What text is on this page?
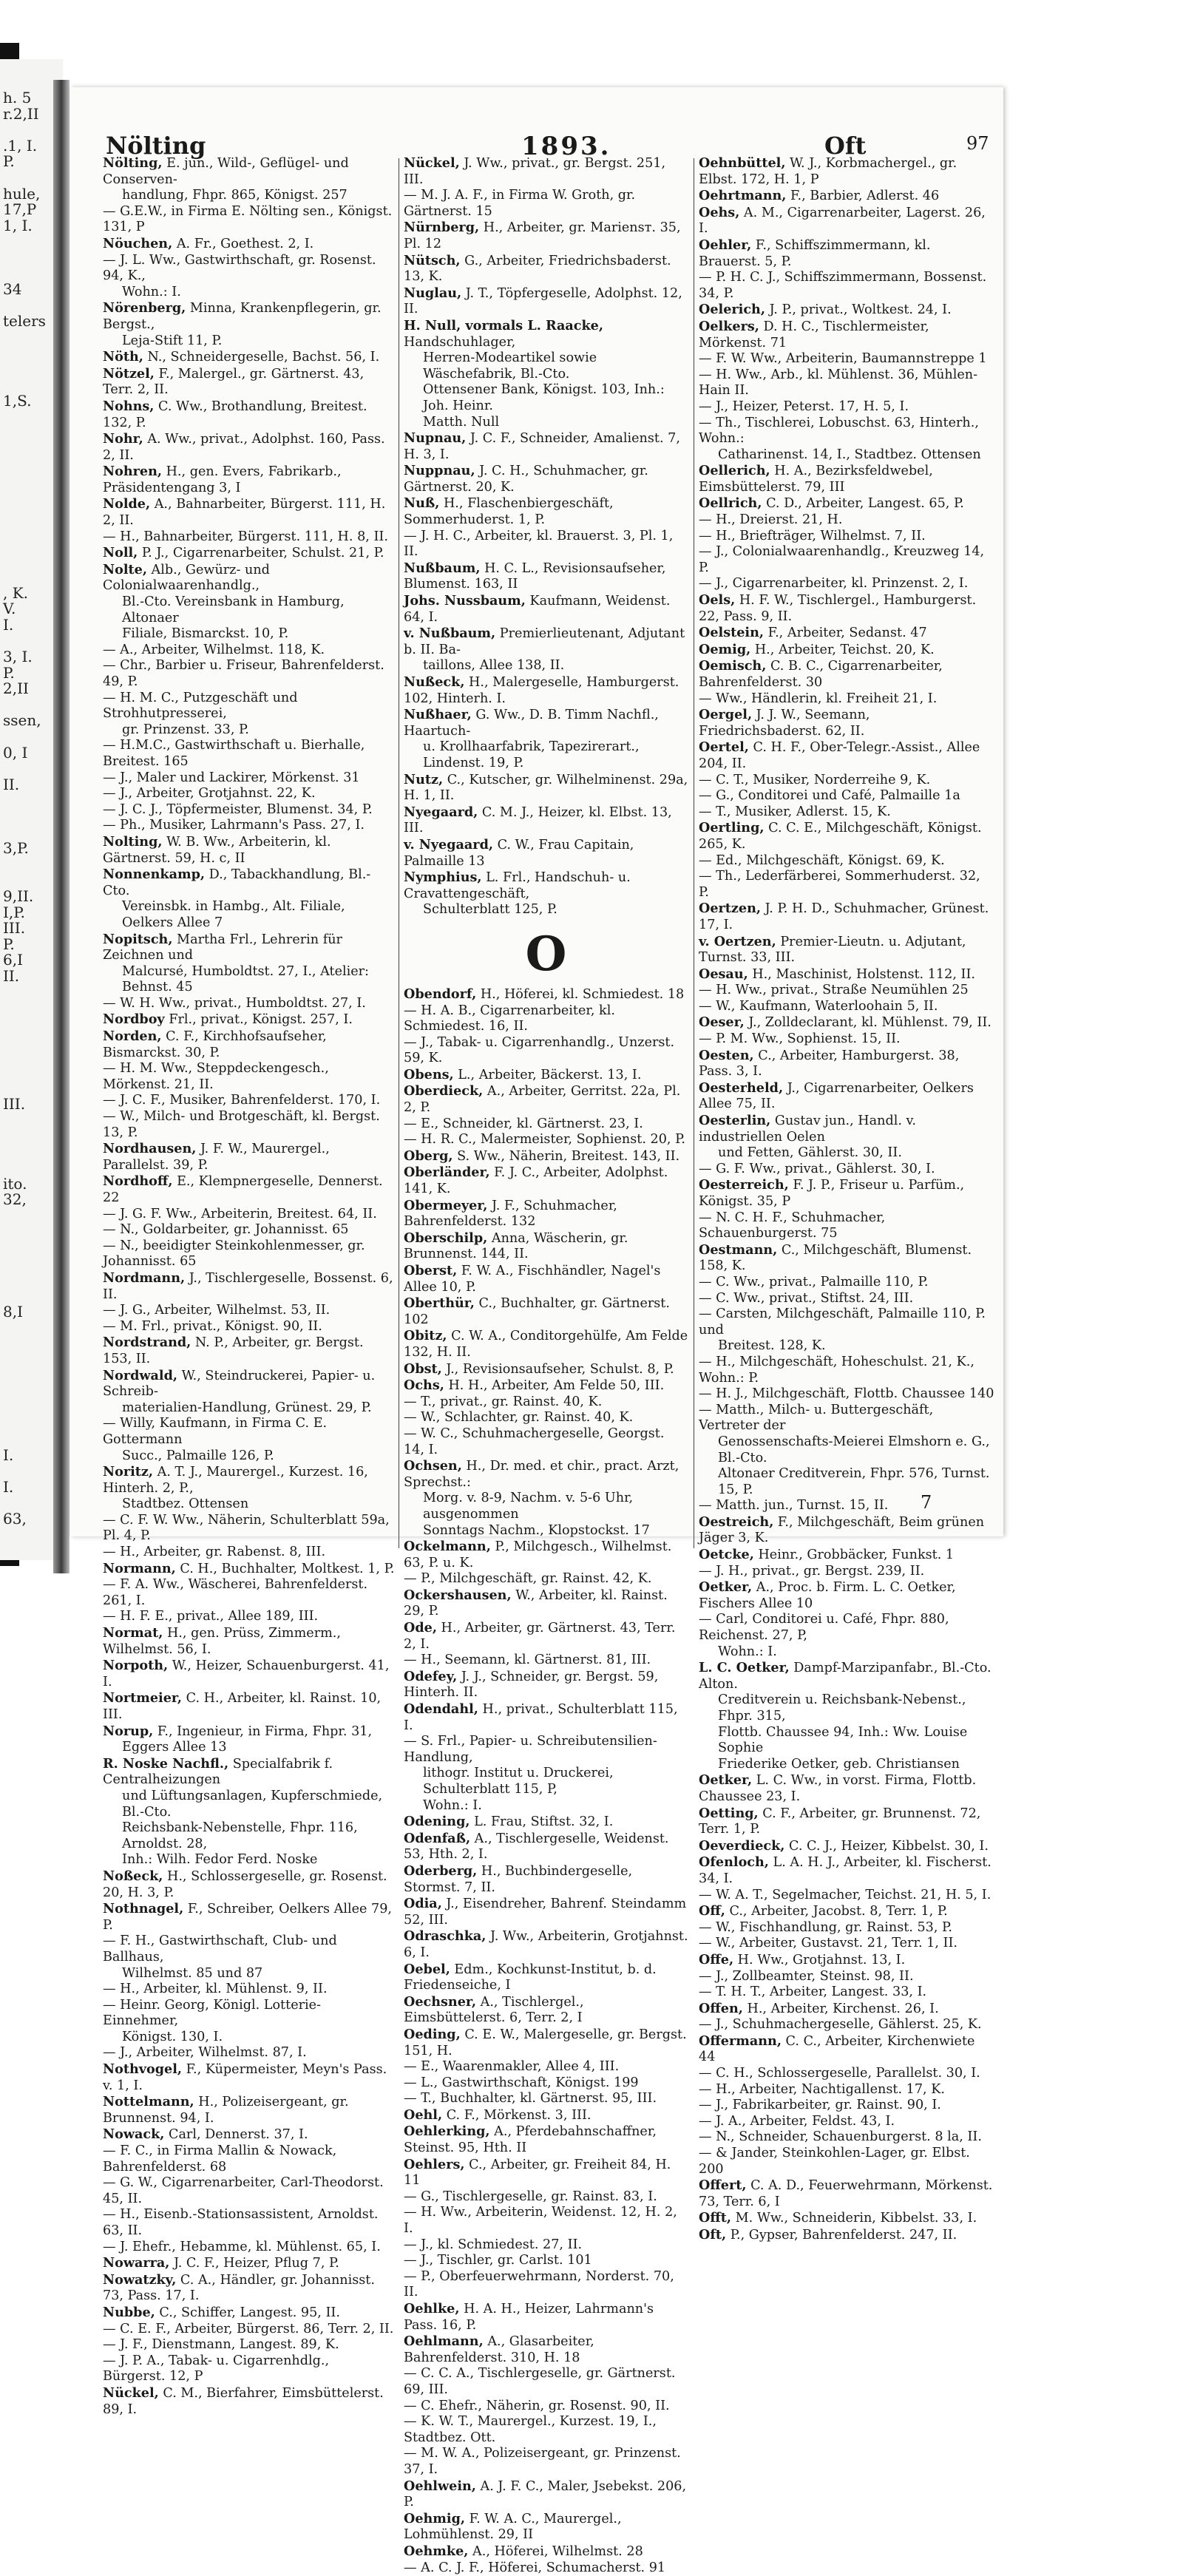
h. 5
r.2,II
.1, I.
P.
hule,
17,P
1, I.
34
telers
1,S.
, K.
V.
I.
3, I.
P.
2,II
ssen,
0, I
II.
3,P.
9,II.
I,P.
III.
P.
6,I
II.
III.
ito.
32,
8,I
I.
I.
63,
Nölting	1893.	Oft	97
Nölting, E. jun., Wild-, Geflügel- und Conserven-
handlung, Fhpr. 865, Königst. 257
— G.E.W., in Firma E. Nölting sen., Königst. 131, P
Nöuchen, A. Fr., Goethest. 2, I.
— J. L. Ww., Gastwirthschaft, gr. Rosenst. 94, K.,
Wohn.: I.
Nörenberg, Minna, Krankenpflegerin, gr. Bergst.,
Leja-Stift 11, P.
Nöth, N., Schneidergeselle, Bachst. 56, I.
Nötzel, F., Malergel., gr. Gärtnerst. 43, Terr. 2, II.
Nohns, C. Ww., Brothandlung, Breitest. 132, P.
Nohr, A. Ww., privat., Adolphst. 160, Pass. 2, II.
Nohren, H., gen. Evers, Fabrikarb., Präsidentengang 3, I
Nolde, A., Bahnarbeiter, Bürgerst. 111, H. 2, II.
— H., Bahnarbeiter, Bürgerst. 111, H. 8, II.
Noll, P. J., Cigarrenarbeiter, Schulst. 21, P.
Nolte, Alb., Gewürz- und Colonialwaarenhandlg.,
Bl.-Cto. Vereinsbank in Hamburg, Altonaer
Filiale, Bismarckst. 10, P.
— A., Arbeiter, Wilhelmst. 118, K.
— Chr., Barbier u. Friseur, Bahrenfelderst. 49, P.
— H. M. C., Putzgeschäft und Strohhutpresserei,
gr. Prinzenst. 33, P.
— H.M.C., Gastwirthschaft u. Bierhalle, Breitest. 165
— J., Maler und Lackirer, Mörkenst. 31
— J., Arbeiter, Grotjahnst. 22, K.
— J. C. J., Töpfermeister, Blumenst. 34, P.
— Ph., Musiker, Lahrmann's Pass. 27, I.
Nolting, W. B. Ww., Arbeiterin, kl. Gärtnerst. 59, H. c, II
Nonnenkamp, D., Tabackhandlung, Bl.-Cto.
Vereinsbk. in Hambg., Alt. Filiale, Oelkers Allee 7
Nopitsch, Martha Frl., Lehrerin für Zeichnen und
Malcursé, Humboldtst. 27, I., Atelier: Behnst. 45
— W. H. Ww., privat., Humboldtst. 27, I.
Nordboy Frl., privat., Königst. 257, I.
Norden, C. F., Kirchhofsaufseher, Bismarckst. 30, P.
— H. M. Ww., Steppdeckengesch., Mörkenst. 21, II.
— J. C. F., Musiker, Bahrenfelderst. 170, I.
— W., Milch- und Brotgeschäft, kl. Bergst. 13, P.
Nordhausen, J. F. W., Maurergel., Parallelst. 39, P.
Nordhoff, E., Klempnergeselle, Dennerst. 22
— J. G. F. Ww., Arbeiterin, Breitest. 64, II.
— N., Goldarbeiter, gr. Johannisst. 65
— N., beeidigter Steinkohlenmesser, gr. Johannisst. 65
Nordmann, J., Tischlergeselle, Bossenst. 6, II.
— J. G., Arbeiter, Wilhelmst. 53, II.
— M. Frl., privat., Königst. 90, II.
Nordstrand, N. P., Arbeiter, gr. Bergst. 153, II.
Nordwald, W., Steindruckerei, Papier- u. Schreib-
materialien-Handlung, Grünest. 29, P.
— Willy, Kaufmann, in Firma C. E. Gottermann
Succ., Palmaille 126, P.
Noritz, A. T. J., Maurergel., Kurzest. 16, Hinterh. 2, P.,
Stadtbez. Ottensen
— C. F. W. Ww., Näherin, Schulterblatt 59a, Pl. 4, P.
— H., Arbeiter, gr. Rabenst. 8, III.
Normann, C. H., Buchhalter, Moltkest. 1, P.
— F. A. Ww., Wäscherei, Bahrenfelderst. 261, I.
— H. F. E., privat., Allee 189, III.
Normat, H., gen. Prüss, Zimmerm., Wilhelmst. 56, I.
Norpoth, W., Heizer, Schauenburgerst. 41, I.
Nortmeier, C. H., Arbeiter, kl. Rainst. 10, III.
Norup, F., Ingenieur, in Firma, Fhpr. 31,
Eggers Allee 13
R. Noske Nachfl., Specialfabrik f. Centralheizungen
und Lüftungsanlagen, Kupferschmiede, Bl.-Cto.
Reichsbank-Nebenstelle, Fhpr. 116, Arnoldst. 28,
Inh.: Wilh. Fedor Ferd. Noske
Noßeck, H., Schlossergeselle, gr. Rosenst. 20, H. 3, P.
Nothnagel, F., Schreiber, Oelkers Allee 79, P.
— F. H., Gastwirthschaft, Club- und Ballhaus,
Wilhelmst. 85 und 87
— H., Arbeiter, kl. Mühlenst. 9, II.
— Heinr. Georg, Königl. Lotterie-Einnehmer,
Königst. 130, I.
— J., Arbeiter, Wilhelmst. 87, I.
Nothvogel, F., Küpermeister, Meyn's Pass. v. 1, I.
Nottelmann, H., Polizeisergeant, gr. Brunnenst. 94, I.
Nowack, Carl, Dennerst. 37, I.
— F. C., in Firma Mallin & Nowack, Bahrenfelderst. 68
— G. W., Cigarrenarbeiter, Carl-Theodorst. 45, II.
— H., Eisenb.-Stationsassistent, Arnoldst. 63, II.
— J. Ehefr., Hebamme, kl. Mühlenst. 65, I.
Nowarra, J. C. F., Heizer, Pflug 7, P.
Nowatzky, C. A., Händler, gr. Johannisst. 73, Pass. 17, I.
Nubbe, C., Schiffer, Langest. 95, II.
— C. E. F., Arbeiter, Bürgerst. 86, Terr. 2, II.
— J. F., Dienstmann, Langest. 89, K.
— J. P. A., Tabak- u. Cigarrenhdlg., Bürgerst. 12, P
Nückel, C. M., Bierfahrer, Eimsbüttelerst. 89, I.
Nückel, J. Ww., privat., gr. Bergst. 251, III.
— M. J. A. F., in Firma W. Groth, gr. Gärtnerst. 15
Nürnberg, H., Arbeiter, gr. Mariensт. 35, Pl. 12
Nütsch, G., Arbeiter, Friedrichsbaderst. 13, K.
Nuglau, J. T., Töpfergeselle, Adolphst. 12, II.
H. Null, vormals L. Raacke, Handschuhlager,
Herren-Modeartikel sowie Wäschefabrik, Bl.-Cto.
Ottensener Bank, Königst. 103, Inh.: Joh. Heinr.
Matth. Null
Nupnau, J. C. F., Schneider, Amalienst. 7, H. 3, I.
Nuppnau, J. C. H., Schuhmacher, gr. Gärtnerst. 20, K.
Nuß, H., Flaschenbiergeschäft, Sommerhuderst. 1, P.
— J. H. C., Arbeiter, kl. Brauerst. 3, Pl. 1, II.
Nußbaum, H. C. L., Revisionsaufseher, Blumenst. 163, II
Johs. Nussbaum, Kaufmann, Weidenst. 64, I.
v. Nußbaum, Premierlieutenant, Adjutant b. II. Ba-
taillons, Allee 138, II.
Nußeck, H., Malergeselle, Hamburgerst. 102, Hinterh. I.
Nußhaer, G. Ww., D. B. Timm Nachfl., Haartuch-
u. Krollhaarfabrik, Tapezirerart., Lindenst. 19, P.
Nutz, C., Kutscher, gr. Wilhelminenst. 29a, H. 1, II.
Nyegaard, C. M. J., Heizer, kl. Elbst. 13, III.
v. Nyegaard, C. W., Frau Capitain, Palmaille 13
Nymphius, L. Frl., Handschuh- u. Cravattengeschäft,
Schulterblatt 125, P.
O
Obendorf, H., Höferei, kl. Schmiedest. 18
— H. A. B., Cigarrenarbeiter, kl. Schmiedest. 16, II.
— J., Tabak- u. Cigarrenhandlg., Unzerst. 59, K.
Obens, L., Arbeiter, Bäckerst. 13, I.
Oberdieck, A., Arbeiter, Gerritst. 22a, Pl. 2, P.
— E., Schneider, kl. Gärtnerst. 23, I.
— H. R. C., Malermeister, Sophienst. 20, P.
Oberg, S. Ww., Näherin, Breitest. 143, II.
Oberländer, F. J. C., Arbeiter, Adolphst. 141, K.
Obermeyer, J. F., Schuhmacher, Bahrenfelderst. 132
Oberschilp, Anna, Wäscherin, gr. Brunnenst. 144, II.
Oberst, F. W. A., Fischhändler, Nagel's Allee 10, P.
Oberthür, C., Buchhalter, gr. Gärtnerst. 102
Obitz, C. W. A., Conditorgehülfe, Am Felde 132, H. II.
Obst, J., Revisionsaufseher, Schulst. 8, P.
Ochs, H. H., Arbeiter, Am Felde 50, III.
— T., privat., gr. Rainst. 40, K.
— W., Schlachter, gr. Rainst. 40, K.
— W. C., Schuhmachergeselle, Georgst. 14, I.
Ochsen, H., Dr. med. et chir., pract. Arzt, Sprechst.:
Morg. v. 8-9, Nachm. v. 5-6 Uhr, ausgenommen
Sonntags Nachm., Klopstockst. 17
Ockelmann, P., Milchgesch., Wilhelmst. 63, P. u. K.
— P., Milchgeschäft, gr. Rainst. 42, K.
Ockershausen, W., Arbeiter, kl. Rainst. 29, P.
Ode, H., Arbeiter, gr. Gärtnerst. 43, Terr. 2, I.
— H., Seemann, kl. Gärtnerst. 81, III.
Odefey, J. J., Schneider, gr. Bergst. 59, Hinterh. II.
Odendahl, H., privat., Schulterblatt 115, I.
— S. Frl., Papier- u. Schreibutensilien-Handlung,
lithogr. Institut u. Druckerei, Schulterblatt 115, P,
Wohn.: I.
Odening, L. Frau, Stiftst. 32, I.
Odenfaß, A., Tischlergeselle, Weidenst. 53, Hth. 2, I.
Oderberg, H., Buchbindergeselle, Stormst. 7, II.
Odia, J., Eisendreher, Bahrenf. Steindamm 52, III.
Odraschka, J. Ww., Arbeiterin, Grotjahnst. 6, I.
Oebel, Edm., Kochkunst-Institut, b. d. Friedenseiche, I
Oechsner, A., Tischlergel., Eimsbüttelerst. 6, Terr. 2, I
Oeding, C. E. W., Malergeselle, gr. Bergst. 151, H.
— E., Waarenmakler, Allee 4, III.
— L., Gastwirthschaft, Königst. 199
— T., Buchhalter, kl. Gärtnerst. 95, III.
Oehl, C. F., Mörkenst. 3, III.
Oehlerking, A., Pferdebahnschaffner, Steinst. 95, Hth. II
Oehlers, C., Arbeiter, gr. Freiheit 84, H. 11
— G., Tischlergeselle, gr. Rainst. 83, I.
— H. Ww., Arbeiterin, Weidenst. 12, H. 2, I.
— J., kl. Schmiedest. 27, II.
— J., Tischler, gr. Carlst. 101
— P., Oberfeuerwehrmann, Norderst. 70, II.
Oehlke, H. A. H., Heizer, Lahrmann's Pass. 16, P.
Oehlmann, A., Glasarbeiter, Bahrenfelderst. 310, H. 18
— C. C. A., Tischlergeselle, gr. Gärtnerst. 69, III.
— C. Ehefr., Näherin, gr. Rosenst. 90, II.
— K. W. T., Maurergel., Kurzest. 19, I., Stadtbez. Ott.
— M. W. A., Polizeisergeant, gr. Prinzenst. 37, I.
Oehlwein, A. J. F. C., Maler, Jsebekst. 206, P.
Oehmig, F. W. A. C., Maurergel., Lohmühlenst. 29, II
Oehmke, A., Höferei, Wilhelmst. 28
— A. C. J. F., Höferei, Schumacherst. 91
Oehnbüttel, W. J., Korbmachergel., gr. Elbst. 172, H. 1, P
Oehrtmann, F., Barbier, Adlerst. 46
Oehs, A. M., Cigarrenarbeiter, Lagerst. 26, I.
Oehler, F., Schiffszimmermann, kl. Brauerst. 5, P.
— P. H. C. J., Schiffszimmermann, Bossenst. 34, P.
Oelerich, J. P., privat., Woltkest. 24, I.
Oelkers, D. H. C., Tischlermeister, Mörkenst. 71
— F. W. Ww., Arbeiterin, Baumannstreppe 1
— H. Ww., Arb., kl. Mühlenst. 36, Mühlen-Hain II.
— J., Heizer, Peterst. 17, H. 5, I.
— Th., Tischlerei, Lobuschst. 63, Hinterh., Wohn.:
Catharinenst. 14, I., Stadtbez. Ottensen
Oellerich, H. A., Bezirksfeldwebel, Eimsbüttelerst. 79, III
Oellrich, C. D., Arbeiter, Langest. 65, P.
— H., Dreierst. 21, H.
— H., Briefträger, Wilhelmst. 7, II.
— J., Colonialwaarenhandlg., Kreuzweg 14, P.
— J., Cigarrenarbeiter, kl. Prinzenst. 2, I.
Oels, H. F. W., Tischlergel., Hamburgerst. 22, Pass. 9, II.
Oelstein, F., Arbeiter, Sedanst. 47
Oemig, H., Arbeiter, Teichst. 20, K.
Oemisch, C. B. C., Cigarrenarbeiter, Bahrenfelderst. 30
— Ww., Händlerin, kl. Freiheit 21, I.
Oergel, J. J. W., Seemann, Friedrichsbaderst. 62, II.
Oertel, C. H. F., Ober-Telegr.-Assist., Allee 204, II.
— C. T., Musiker, Norderreihe 9, K.
— G., Conditorei und Café, Palmaille 1a
— T., Musiker, Adlerst. 15, K.
Oertling, C. C. E., Milchgeschäft, Königst. 265, K.
— Ed., Milchgeschäft, Königst. 69, K.
— Th., Lederfärberei, Sommerhuderst. 32, P.
Oertzen, J. P. H. D., Schuhmacher, Grünest. 17, I.
v. Oertzen, Premier-Lieutn. u. Adjutant, Turnst. 33, III.
Oesau, H., Maschinist, Holstenst. 112, II.
— H. Ww., privat., Straße Neumühlen 25
— W., Kaufmann, Waterloohain 5, II.
Oeser, J., Zolldeclarant, kl. Mühlenst. 79, II.
— P. M. Ww., Sophienst. 15, II.
Oesten, C., Arbeiter, Hamburgerst. 38, Pass. 3, I.
Oesterheld, J., Cigarrenarbeiter, Oelkers Allee 75, II.
Oesterlin, Gustav jun., Handl. v. industriellen Oelen
und Fetten, Gählerst. 30, II.
— G. F. Ww., privat., Gählerst. 30, I.
Oesterreich, F. J. P., Friseur u. Parfüm., Königst. 35, P
— N. C. H. F., Schuhmacher, Schauenburgerst. 75
Oestmann, C., Milchgeschäft, Blumenst. 158, K.
— C. Ww., privat., Palmaille 110, P.
— C. Ww., privat., Stiftst. 24, III.
— Carsten, Milchgeschäft, Palmaille 110, P. und
Breitest. 128, K.
— H., Milchgeschäft, Hoheschulst. 21, K., Wohn.: P.
— H. J., Milchgeschäft, Flottb. Chaussee 140
— Matth., Milch- u. Buttergeschäft, Vertreter der
Genossenschafts-Meierei Elmshorn e. G., Bl.-Cto.
Altonaer Creditverein, Fhpr. 576, Turnst. 15, P.
— Matth. jun., Turnst. 15, II.
Oestreich, F., Milchgeschäft, Beim grünen Jäger 3, K.
Oetcke, Heinr., Grobbäcker, Funkst. 1
— J. H., privat., gr. Bergst. 239, II.
Oetker, A., Proc. b. Firm. L. C. Oetker, Fischers Allee 10
— Carl, Conditorei u. Café, Fhpr. 880, Reichenst. 27, P,
Wohn.: I.
L. C. Oetker, Dampf-Marzipanfabr., Bl.-Cto. Alton.
Creditverein u. Reichsbank-Nebenst., Fhpr. 315,
Flottb. Chaussee 94, Inh.: Ww. Louise Sophie
Friederike Oetker, geb. Christiansen
Oetker, L. C. Ww., in vorst. Firma, Flottb. Chaussee 23, I.
Oetting, C. F., Arbeiter, gr. Brunnenst. 72, Terr. 1, P.
Oeverdieck, C. C. J., Heizer, Kibbelst. 30, I.
Ofenloch, L. A. H. J., Arbeiter, kl. Fischerst. 34, I.
— W. A. T., Segelmacher, Teichst. 21, H. 5, I.
Off, C., Arbeiter, Jacobst. 8, Terr. 1, P.
— W., Fischhandlung, gr. Rainst. 53, P.
— W., Arbeiter, Gustavst. 21, Terr. 1, II.
Offe, H. Ww., Grotjahnst. 13, I.
— J., Zollbeamter, Steinst. 98, II.
— T. H. T., Arbeiter, Langest. 33, I.
Offen, H., Arbeiter, Kirchenst. 26, I.
— J., Schuhmachergeselle, Gählerst. 25, K.
Offermann, C. C., Arbeiter, Kirchenwiete 44
— C. H., Schlossergeselle, Parallelst. 30, I.
— H., Arbeiter, Nachtigallenst. 17, K.
— J., Fabrikarbeiter, gr. Rainst. 90, I.
— J. A., Arbeiter, Feldst. 43, I.
— N., Schneider, Schauenburgerst. 8 la, II.
— & Jander, Steinkohlen-Lager, gr. Elbst. 200
Offert, C. A. D., Feuerwehrmann, Mörkenst. 73, Terr. 6, I
Offt, M. Ww., Schneiderin, Kibbelst. 33, I.
Oft, P., Gypser, Bahrenfelderst. 247, II.
7
